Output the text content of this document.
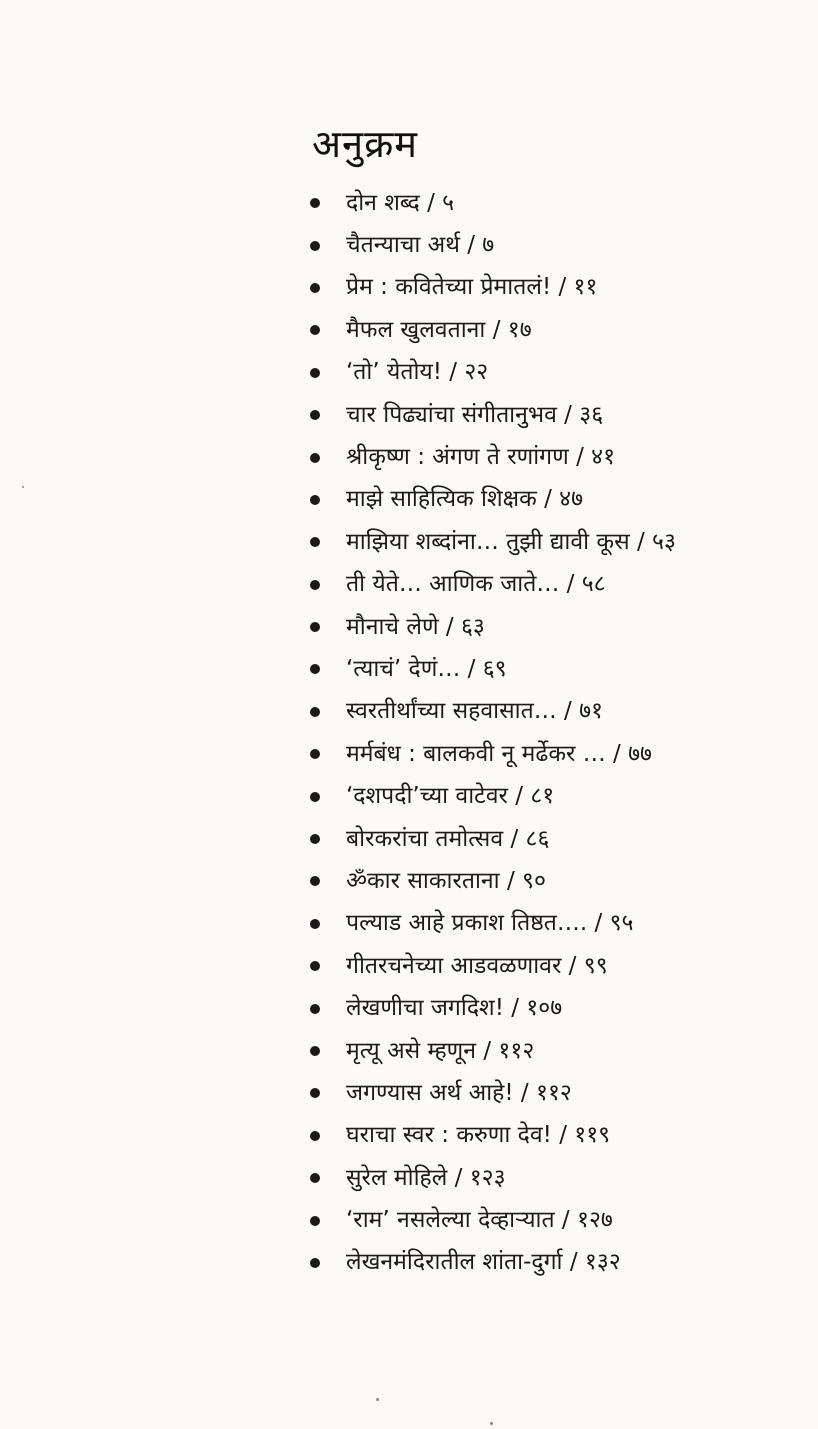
अनुक्रम
दोन शब्द / ५
चैतन्याचा अर्थ / ७
प्रेम : कवितेच्या प्रेमातलं! / ११
मैफल खुलवताना / १७
‘तो’ येतोय! / २२
चार पिढ्यांचा संगीतानुभव / ३६
श्रीकृष्ण : अंगण ते रणांगण / ४१
माझे साहित्यिक शिक्षक / ४७
माझिया शब्दांना… तुझी द्यावी कूस / ५३
ती येते… आणिक जाते… / ५८
मौनाचे लेणे / ६३
‘त्याचं’ देणं… / ६९
स्वरतीर्थांच्या सहवासात… / ७१
मर्मबंध : बालकवी नू मर्ढेकर … / ७७
‘दशपदी’च्या वाटेवर / ८१
बोरकरांचा तमोत्सव / ८६
ॐकार साकारताना / ९०
पल्याड आहे प्रकाश तिष्ठत…. / ९५
गीतरचनेच्या आडवळणावर / ९९
लेखणीचा जगदिश! / १०७
मृत्यू असे म्हणून / ११२
जगण्यास अर्थ आहे! / ११२
घराचा स्वर : करुणा देव! / ११९
सुरेल मोहिले / १२३
‘राम’ नसलेल्या देव्हाऱ्यात / १२७
लेखनमंदिरातील शांता-दुर्गा / १३२
